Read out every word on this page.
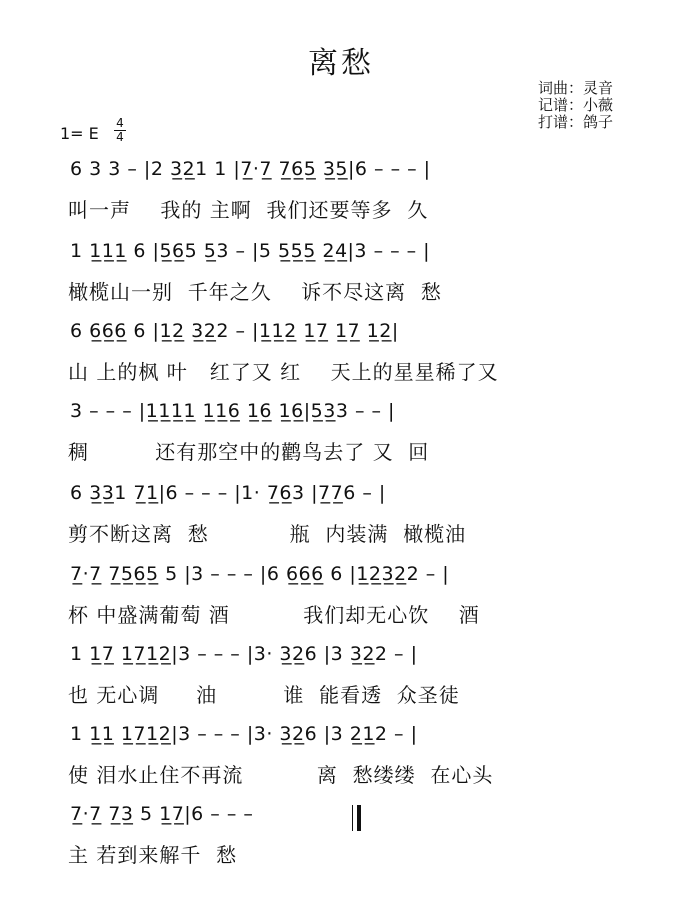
离愁
词曲：灵音
记谱：小薇
打谱：鸽子
1= E
4
4
6 3 3 – |2 3̲2̲1 1 |7̲·7̲ 7̲6̲5̲ 3̲5̲|6 – – – |
叫一声    我的 主啊  我们还要等多  久
1 1̲1̲1̲ 6 |5̲6̲5 5̲3 – |5 5̲5̲5̲ 2̲4̲|3 – – – |
橄榄山一别  千年之久    诉不尽这离  愁
6 6̲6̲6̲ 6 |1̲2̲ 3̲2̲2 – |1̲1̲2̲ 1̲7̲ 1̲7̲ 1̲2̲|
山 上的枫 叶   红了又 红    天上的星星稀了又
3 – – – |1̲1̲1̲1̲ 1̲1̲6̲ 1̲6̲ 1̲6̲|5̲3̲3 – – |
稠         还有那空中的鹳鸟去了 又  回
6 3̲3̲1 7̲1̲|6 – – – |1· 7̲6̲3 |7̲7̲6 – |
剪不断这离  愁           瓶  内装满  橄榄油
7̲·7̲ 7̲5̲6̲5̲ 5 |3 – – – |6 6̲6̲6̲ 6 |1̲2̲3̲2̲2 – |
杯 中盛满葡萄 酒          我们却无心饮    酒
1 1̲7̲ 1̲7̲1̲2̲|3 – – – |3· 3̲2̲6 |3 3̲2̲2 – |
也 无心调     油         谁  能看透  众圣徒
1 1̲1̲ 1̲7̲1̲2̲|3 – – – |3· 3̲2̲6 |3 2̲1̲2 – |
使 泪水止住不再流          离  愁缕缕  在心头
7̲·7̲ 7̲3̲ 5 1̲7̲|6 – – –
主 若到来解千  愁
